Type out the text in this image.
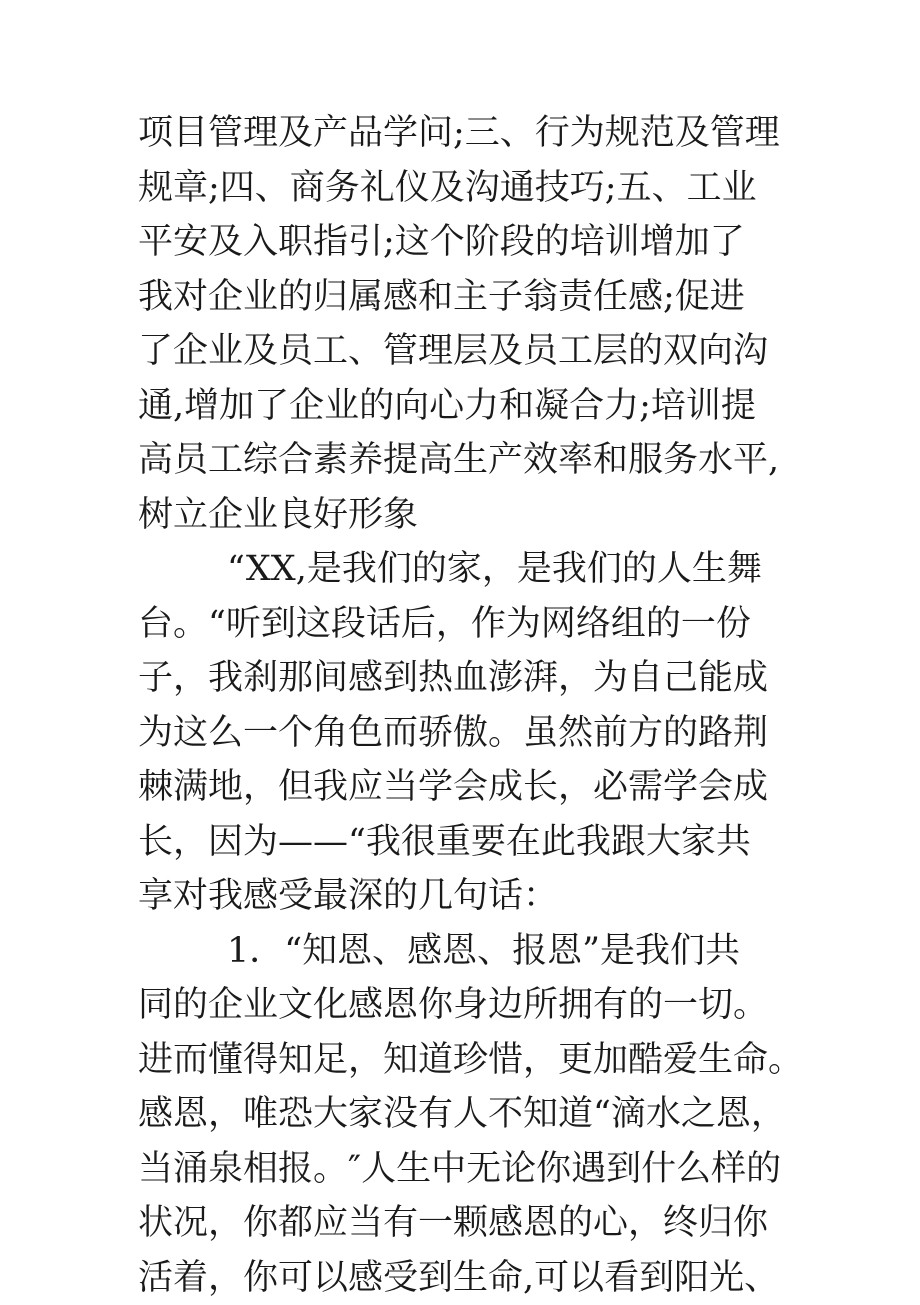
项目管理及产品学问;三、行为规范及管理
规章;四、商务礼仪及沟通技巧;五、工业
平安及入职指引;这个阶段的培训增加了
我对企业的归属感和主子翁责任感;促进
了企业及员工、管理层及员工层的双向沟
通,增加了企业的向心力和凝合力;培训提
高员工综合素养提高生产效率和服务水平,
树立企业良好形象
“XX,是我们的家，是我们的人生舞
台。“听到这段话后，作为网络组的一份
子，我刹那间感到热血澎湃，为自己能成
为这么一个角色而骄傲。虽然前方的路荆
棘满地，但我应当学会成长，必需学会成
长，因为——“我很重要在此我跟大家共
享对我感受最深的几句话：
1．“知恩、感恩、报恩”是我们共
同的企业文化感恩你身边所拥有的一切。
进而懂得知足，知道珍惜，更加酷爱生命。
感恩，唯恐大家没有人不知道“滴水之恩，
当涌泉相报。″人生中无论你遇到什么样的
状况，你都应当有一颗感恩的心，终归你
活着，你可以感受到生命,可以看到阳光、
